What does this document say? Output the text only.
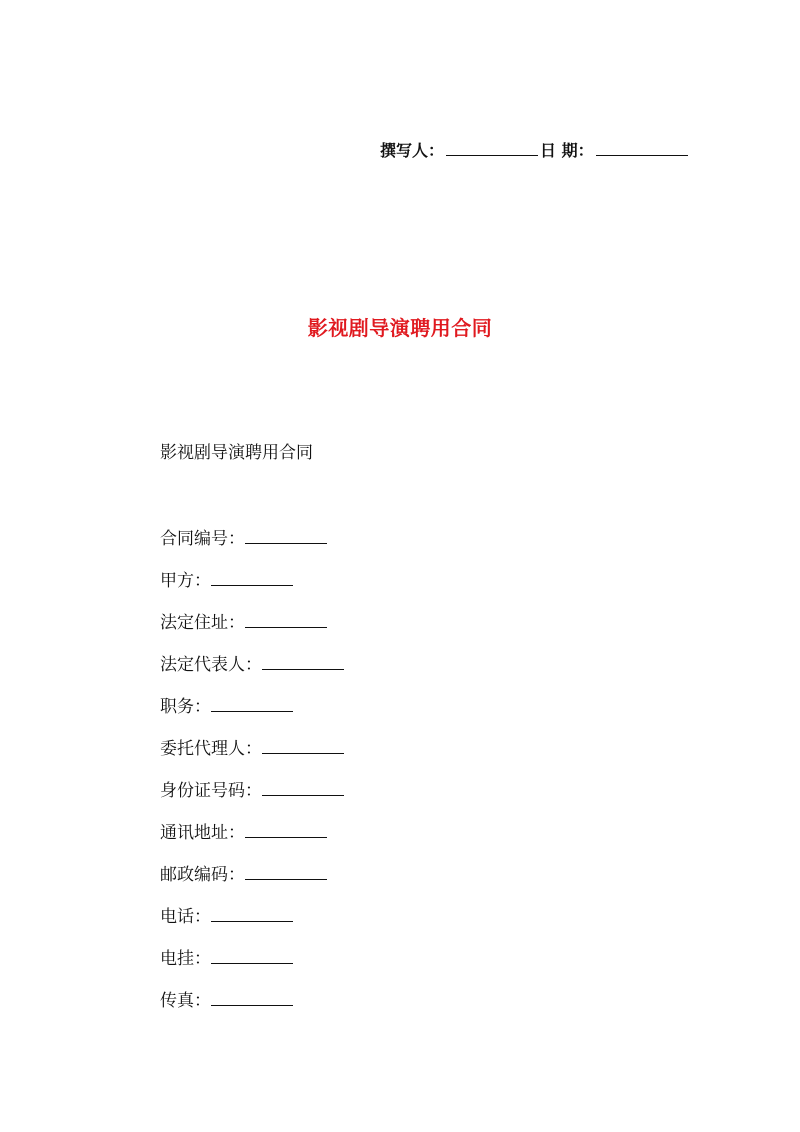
撰写人：	日 期：
影视剧导演聘用合同
影视剧导演聘用合同
合同编号：
甲方：
法定住址：
法定代表人：
职务：
委托代理人：
身份证号码：
通讯地址：
邮政编码：
电话：
电挂：
传真：
